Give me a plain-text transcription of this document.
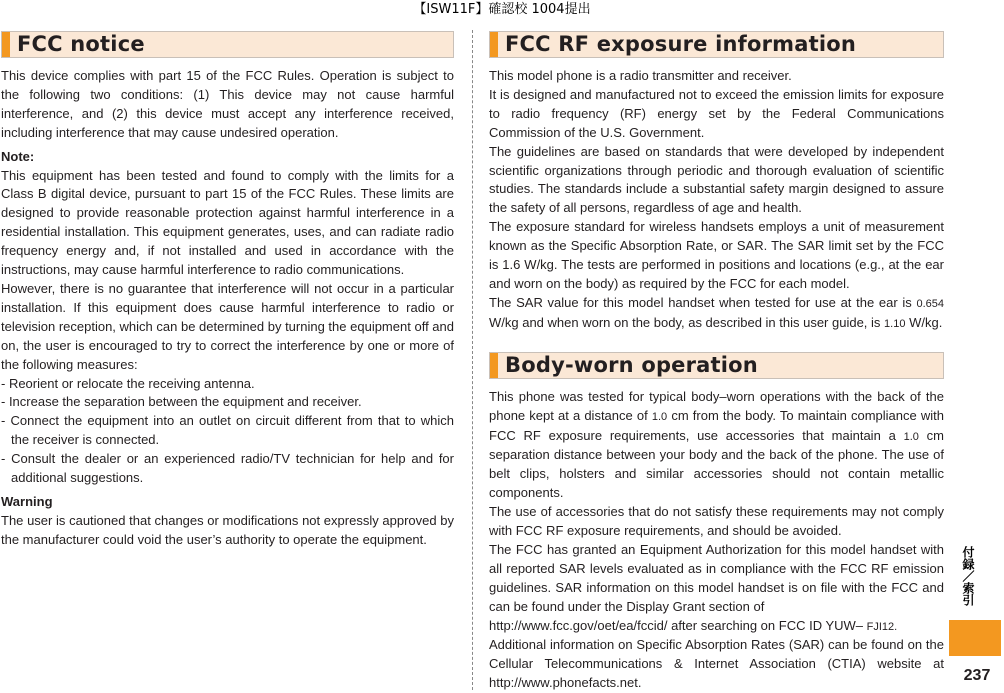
【ISW11F】確認校 1004提出
FCC notice

This device complies with part 15 of the FCC Rules. Operation is subject to the following two conditions: (1) This device may not cause harmful interference, and (2) this device must accept any interference received, including interference that may cause undesired operation.

Note:

This equipment has been tested and found to comply with the limits for a Class B digital device, pursuant to part 15 of the FCC Rules. These limits are designed to provide reasonable protection against harmful interference in a residential installation. This equipment generates, uses, and can radiate radio frequency energy and, if not installed and used in accordance with the instructions, may cause harmful interference to radio communications.

However, there is no guarantee that interference will not occur in a particular installation. If this equipment does cause harmful interference to radio or television reception, which can be determined by turning the equipment off and on, the user is encouraged to try to correct the interference by one or more of the following measures:

- Reorient or relocate the receiving antenna.

- Increase the separation between the equipment and receiver.

- Connect the equipment into an outlet on circuit different from that to which the receiver is connected.

- Consult the dealer or an experienced radio/TV technician for help and for additional suggestions.

Warning

The user is cautioned that changes or modifications not expressly approved by the manufacturer could void the user’s authority to operate the equipment.

FCC RF exposure information

This model phone is a radio transmitter and receiver.

It is designed and manufactured not to exceed the emission limits for exposure to radio frequency (RF) energy set by the Federal Communications Commission of the U.S. Government.

The guidelines are based on standards that were developed by independent scientific organizations through periodic and thorough evaluation of scientific studies. The standards include a substantial safety margin designed to assure the safety of all persons, regardless of age and health.

The exposure standard for wireless handsets employs a unit of measurement known as the Specific Absorption Rate, or SAR. The SAR limit set by the FCC is 1.6 W/kg. The tests are performed in positions and locations (e.g., at the ear and worn on the body) as required by the FCC for each model.

The SAR value for this model handset when tested for use at the ear is 0.654 W/kg and when worn on the body, as described in this user guide, is 1.10 W/kg.

Body-worn operation

This phone was tested for typical body–worn operations with the back of the phone kept at a distance of 1.0 cm from the body. To maintain compliance with FCC RF exposure requirements, use accessories that maintain a 1.0 cm separation distance between your body and the back of the phone. The use of belt clips, holsters and similar accessories should not contain metallic components.

The use of accessories that do not satisfy these requirements may not comply with FCC RF exposure requirements, and should be avoided.

The FCC has granted an Equipment Authorization for this model handset with all reported SAR levels evaluated as in compliance with the FCC RF emission guidelines. SAR information on this model handset is on file with the FCC and can be found under the Display Grant section of

http://www.fcc.gov/oet/ea/fccid/ after searching on FCC ID YUW– FJI12.

Additional information on Specific Absorption Rates (SAR) can be found on the Cellular Telecommunications & Internet Association (CTIA) website at http://www.phonefacts.net.

付録／索引
237
